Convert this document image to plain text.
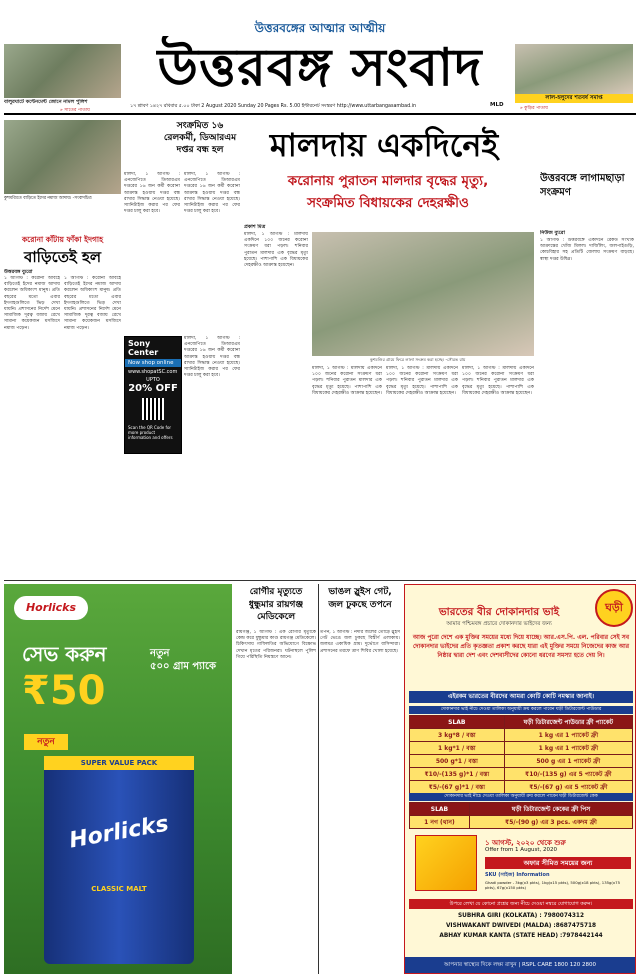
বালুরঘাটে কন্টেনমেন্ট জোনে নামল পুলিশ
» সাতের পাতায়
উত্তরবঙ্গের আত্মার আত্মীয়
উত্তরবঙ্গ সংবাদ
১৭ শ্রাবণ ১৪২৭ রবিবার ৫.০০ টাকা 2 August 2020 Sunday 20 Pages Rs. 5.00 ইন্টারনেট সংস্করণ http://www.uttarbangasambad.in	MLD
লাল-হলুদের শতবর্ষ সমাপ্ত
» কুড়ির পাতায়
কুশমণ্ডিতে বাড়িতে ইদের নমাজ আদায়। -সংবাদচিত্র
করোনা কাঁটায় ফাঁকা ইদগাহ
বাড়িতেই হল
উত্তরবঙ্গ ব্যুরো
১ আগস্ট : করোনা আবহে বাড়িতেই ইদের নমাজ আদায় করলেন অধিকাংশ মানুষ। প্রতি বছরের মতো এবার ইদগাহগুলিতে ভিড় দেখা যায়নি। প্রশাসনের নির্দেশ মেনে সামাজিক দূরত্ব বজায় রেখে সামান্য কয়েকজন মসজিদে নমাজ পড়েন।
১ আগস্ট : করোনা আবহে বাড়িতেই ইদের নমাজ আদায় করলেন অধিকাংশ মানুষ। প্রতি বছরের মতো এবার ইদগাহগুলিতে ভিড় দেখা যায়নি। প্রশাসনের নির্দেশ মেনে সামাজিক দূরত্ব বজায় রেখে সামান্য কয়েকজন মসজিদে নমাজ পড়েন।
সংক্রমিত ১৬ রেলকর্মী, ডিআরএম দপ্তর বন্ধ হল
মালদা, ১ আগস্ট : এনজেপিতে ডিআরএম দপ্তরের ১৬ জন কর্মী করোনা আক্রান্ত হওয়ায় দপ্তর বন্ধ রাখার সিদ্ধান্ত নেওয়া হয়েছে। স্যানিটাইজ করার পর ফের দপ্তর চালু করা হবে।
মালদা, ১ আগস্ট : এনজেপিতে ডিআরএম দপ্তরের ১৬ জন কর্মী করোনা আক্রান্ত হওয়ায় দপ্তর বন্ধ রাখার সিদ্ধান্ত নেওয়া হয়েছে। স্যানিটাইজ করার পর ফের দপ্তর চালু করা হবে।
Sony Center
Now shop online
www.shopatSC.com
UPTO
20% OFF
Scan the QR Code for more product information and offers
মালদা, ১ আগস্ট : এনজেপিতে ডিআরএম দপ্তরের ১৬ জন কর্মী করোনা আক্রান্ত হওয়ায় দপ্তর বন্ধ রাখার সিদ্ধান্ত নেওয়া হয়েছে। স্যানিটাইজ করার পর ফের দপ্তর চালু করা হবে।
মালদায় একদিনেই
করোনায় পুরাতন মালদার বৃদ্ধের মৃত্যু,
সংক্রমিত বিধায়কের দেহরক্ষীও
প্রকাশ মিত্র
মালদা, ১ আগস্ট : মালদায় একদিনে ১০০ জনের করোনা সংক্রমণ ধরা পড়ল। শনিবার পুরাতন মালদার এক বৃদ্ধের মৃত্যু হয়েছে। পাশাপাশি এক বিধায়কের দেহরক্ষীও আক্রান্ত হয়েছেন।
কুশমণ্ডির গ্রামে ফিরে লালা সংক্রম করা হচ্ছে। -সৌরভ রায়
মালদা, ১ আগস্ট : মালদায় একদিনে ১০০ জনের করোনা সংক্রমণ ধরা পড়ল। শনিবার পুরাতন মালদার এক বৃদ্ধের মৃত্যু হয়েছে। পাশাপাশি এক বিধায়কের দেহরক্ষীও আক্রান্ত হয়েছেন।
মালদা, ১ আগস্ট : মালদায় একদিনে ১০০ জনের করোনা সংক্রমণ ধরা পড়ল। শনিবার পুরাতন মালদার এক বৃদ্ধের মৃত্যু হয়েছে। পাশাপাশি এক বিধায়কের দেহরক্ষীও আক্রান্ত হয়েছেন।
মালদা, ১ আগস্ট : মালদায় একদিনে ১০০ জনের করোনা সংক্রমণ ধরা পড়ল। শনিবার পুরাতন মালদার এক বৃদ্ধের মৃত্যু হয়েছে। পাশাপাশি এক বিধায়কের দেহরক্ষীও আক্রান্ত হয়েছেন।
উত্তরবঙ্গে লাগামছাড়া সংক্রমণ
নিউজ ব্যুরো
১ আগস্ট : উত্তরবঙ্গে একদিনে রেকর্ড সংখ্যক আক্রান্তের খোঁজ মিলল। দার্জিলিং, জলপাইগুড়ি, কোচবিহার সহ প্রতিটি জেলায় সংক্রমণ বাড়ছে। স্বাস্থ্য দপ্তর উদ্বিগ্ন।
Horlicks
সেভ করুন
₹50
নতুন
৫০০ গ্রাম প্যাকে
নতুন
SUPER VALUE PACK
Horlicks
CLASSIC MALT
রোগীর মৃত্যুতে ধুন্ধুমার রায়গঞ্জ মেডিকেলে
রায়গঞ্জ, ১ আগস্ট : এক রোগীর মৃত্যুকে কেন্দ্র করে ধুন্ধুমার কাণ্ড রায়গঞ্জ মেডিকেলে। চিকিৎসায় গাফিলতির অভিযোগে বিক্ষোভ দেখান মৃতের পরিজনরা। ঘটনাস্থলে পুলিশ গিয়ে পরিস্থিতি নিয়ন্ত্রণে আনে।
ভাঙল স্লুইস গেট, জল ঢুকছে তপনে
তপন, ১ আগস্ট : নদীর জলের তোড়ে স্লুইস গেট ভেঙে জল ঢুকছে বিস্তীর্ণ এলাকায়। জলমগ্ন একাধিক গ্রাম। দুর্ভোগে বাসিন্দারা। প্রশাসনের তরফে ত্রাণ শিবির খোলা হয়েছে।
ভারতের বীর দোকানদার ভাই
আমার পশ্চিমবঙ্গ প্রচারে দোকানদার ভাইদের জন্য
ঘড়ী
আজ পুরো দেশে এক মুক্তির সময়ের মধ্যে দিয়ে যাচ্ছে। আর.এস.পি. এল. পরিবার সেই সব দোকানদার ভাইদের প্রতি কৃতজ্ঞতা প্রকাশ করছে যারা এই মুক্তির সময়ে নিজেদের কাজ আর নিষ্ঠার দ্বারা দেশ এবং দেশবাসীদের কোনো ধরণের সমস্যা হতে দেয় নি।
এইরকম ভারতের বীরদের আমরা কোটি কোটি নমস্কার জানাই।
দোকানদার ভাই নীচে দেওয়া তালিকা অনুযায়ী ক্রয় করলে পাবেন ঘড়ী ডিটারজেন্ট পাউডার
SLAB	ঘড়ী ডিটারজেন্ট পাউডার ফ্রী প্যাকেট
3 kg*8 / বস্তা	1 kg এর 1 প্যাকেট ফ্রী
1 kg*1 / বস্তা	1 kg এর 1 প্যাকেট ফ্রী
500 g*1 / বস্তা	500 g এর 1 প্যাকেট ফ্রী
₹10/-(135 g)*1 / বস্তা	₹10/-(135 g) এর 5 প্যাকেট ফ্রী
₹5/-(67 g)*1 / বস্তা	₹5/-(67 g) এর 5 প্যাকেট ফ্রী
দোকানদার ভাই নীচে দেওয়া তালিকা অনুযায়ী ক্রয় করলে পাবেন ঘড়ী ডিটারজেন্ট কেক
SLAB	ঘড়ী ডিটারজেন্ট কেকের ফ্রী পিস
1 নগ (থান)	₹5/-(90 g) এর 3 pcs. একদম ফ্রী
১ আগস্ট, ২০২০ থেকে শুরু
Offer from 1 August, 2020
অফার সীমিত সময়ের জন্য
SKU (সাইজ) Information
Ghadi powder - 3kg(x3 pkts), 1kg(x15 pkts), 500g(x18 pkts), 135g(x75 pkts), 67g(x150 pkts)
উপরে লেখা যে কোনো প্রশ্নের জন্য নীচে দেওয়া নম্বরে যোগাযোগ করুন।
SUBHRA GIRI (KOLKATA) : 7980074312
VISHWAKANT DWIVEDI (MALDA) :8687475718
ABHAY KUMAR KANTA (STATE HEAD) :7978442144
আপনার স্বাস্থ্যের দিকে লক্ষ্য রাখুন | RSPL CARE 1800 120 2800
